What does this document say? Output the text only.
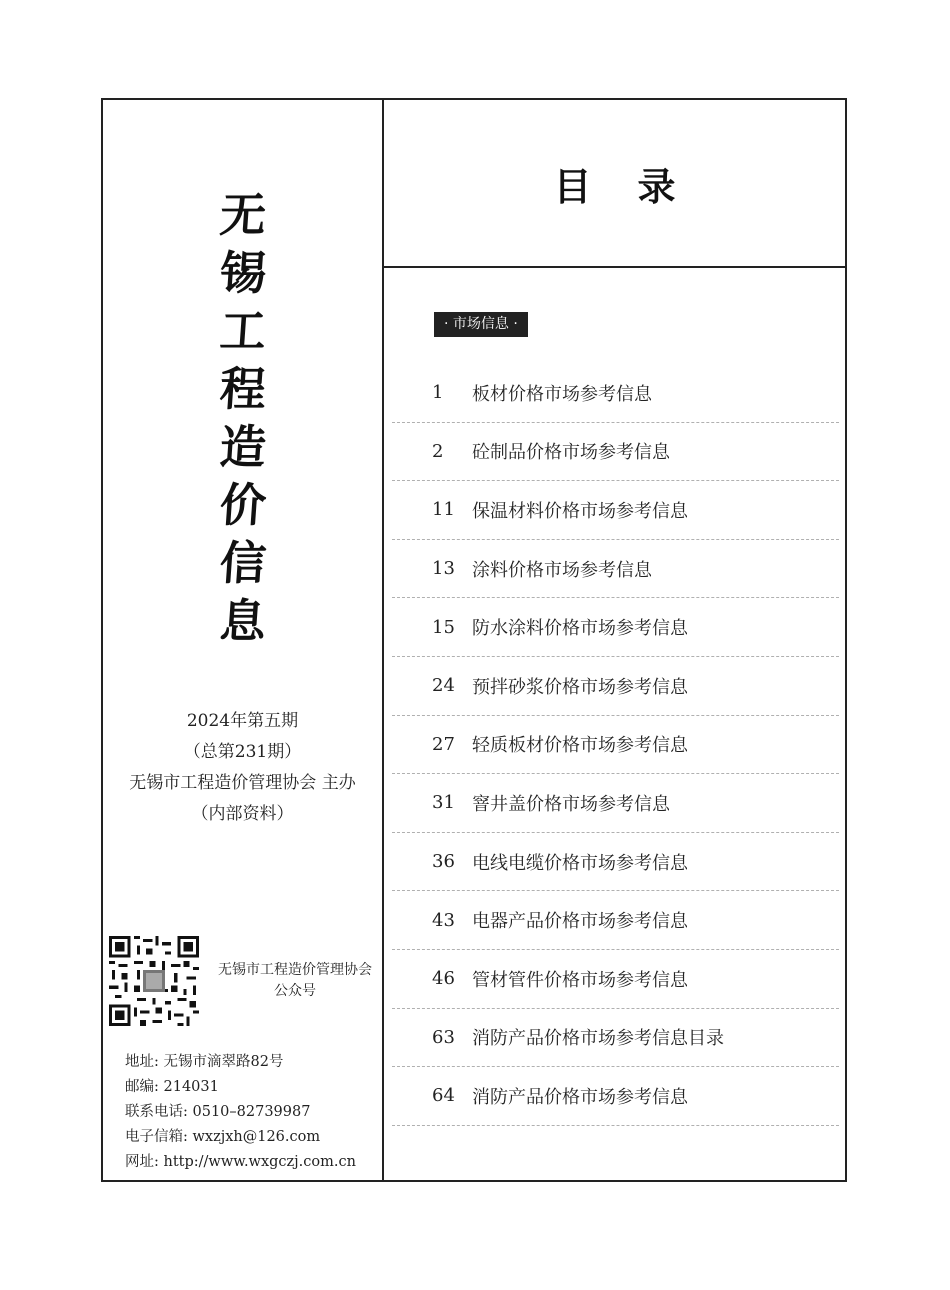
无
锡
工
程
造
价
信
息
2024年第五期
（总第231期）
无锡市工程造价管理协会 主办
（内部资料）
无锡市工程造价管理协会
公众号
地址: 无锡市滴翠路82号
邮编: 214031
联系电话: 0510–82739987
电子信箱: wxzjxh@126.com
网址: http://www.wxgczj.com.cn
目录
· 市场信息 ·
1	板材价格市场参考信息
2	砼制品价格市场参考信息
11 保温材料价格市场参考信息
13 涂料价格市场参考信息
15 防水涂料价格市场参考信息
24 预拌砂浆价格市场参考信息
27 轻质板材价格市场参考信息
31 窨井盖价格市场参考信息
36 电线电缆价格市场参考信息
43 电器产品价格市场参考信息
46 管材管件价格市场参考信息
63 消防产品价格市场参考信息目录
64 消防产品价格市场参考信息
